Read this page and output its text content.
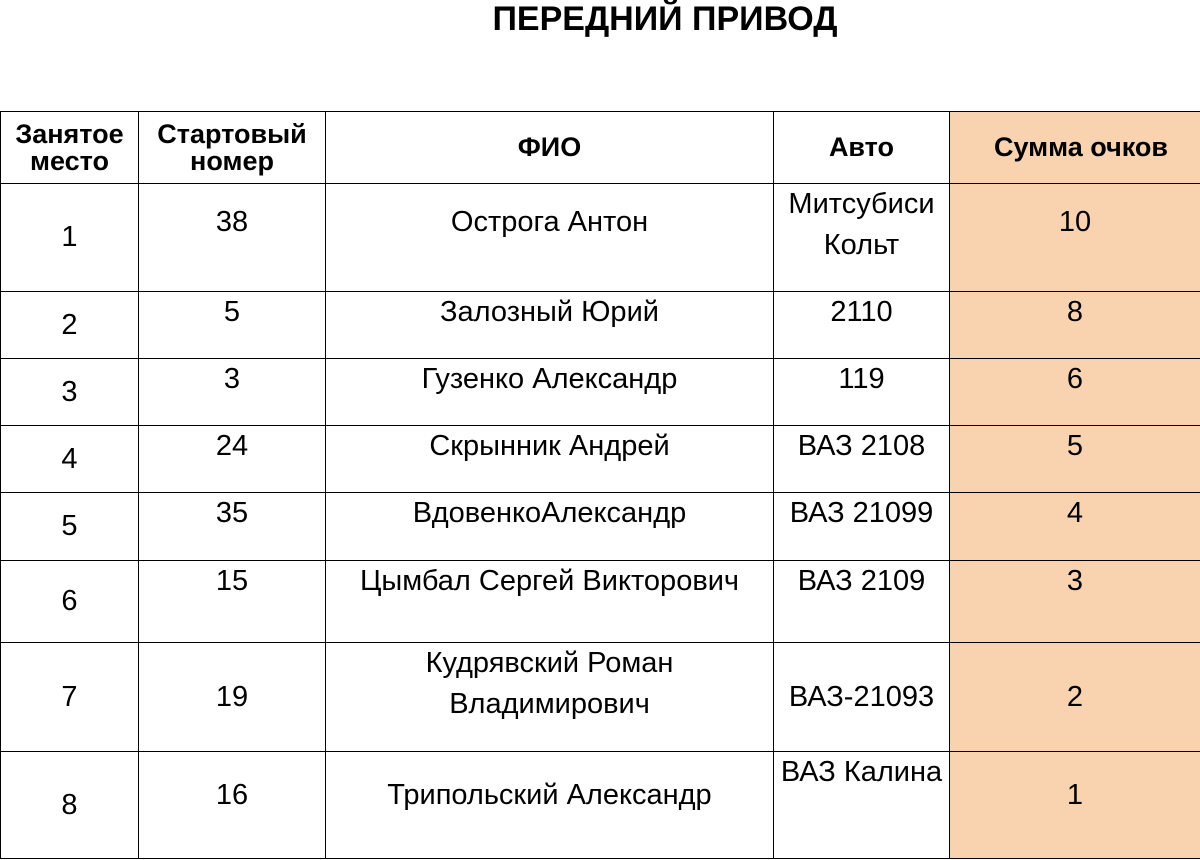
ПЕРЕДНИЙ ПРИВОД
Занятое место	Стартовый номер	ФИО	Авто	Сумма очков
1	38	Острога Антон	Митсубиси Кольт	10
2	5	Залозный Юрий	2110	8
3	3	Гузенко Александр	119	6
4	24	Скрынник Андрей	ВАЗ 2108	5
5	35	ВдовенкоАлександр	ВАЗ 21099	4
6	15	Цымбал Сергей Викторович	ВАЗ 2109	3
7	19	Кудрявский Роман Владимирович	ВАЗ-21093	2
8	16	Трипольский Александр	ВАЗ Калина	1
